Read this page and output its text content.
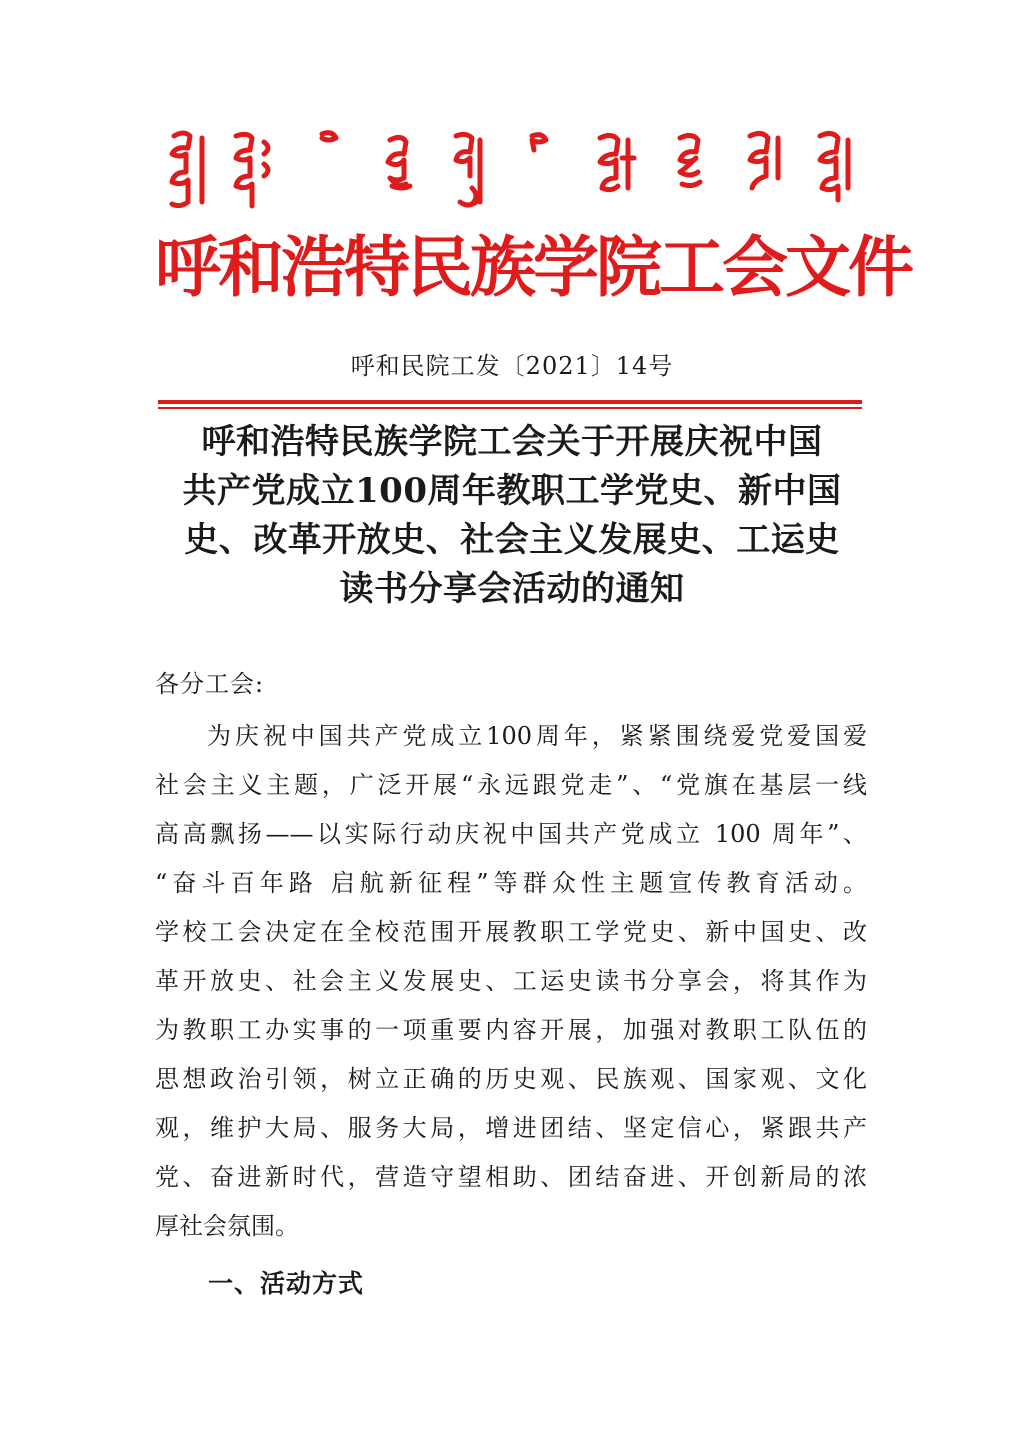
呼和浩特民族学院工会文件
呼和民院工发〔2021〕14号
呼和浩特民族学院工会关于开展庆祝中国
共产党成立100周年教职工学党史、新中国
史、改革开放史、社会主义发展史、工运史
读书分享会活动的通知
各分工会:
为庆祝中国共产党成立100周年，紧紧围绕爱党爱国爱
社会主义主题，广泛开展“永远跟党走”、“党旗在基层一线
高高飘扬——以实际行动庆祝中国共产党成立 100 周年”、
“奋斗百年路 启航新征程”等群众性主题宣传教育活动。
学校工会决定在全校范围开展教职工学党史、新中国史、改
革开放史、社会主义发展史、工运史读书分享会，将其作为
为教职工办实事的一项重要内容开展，加强对教职工队伍的
思想政治引领，树立正确的历史观、民族观、国家观、文化
观，维护大局、服务大局，增进团结、坚定信心，紧跟共产
党、奋进新时代，营造守望相助、团结奋进、开创新局的浓
厚社会氛围。
一、活动方式
